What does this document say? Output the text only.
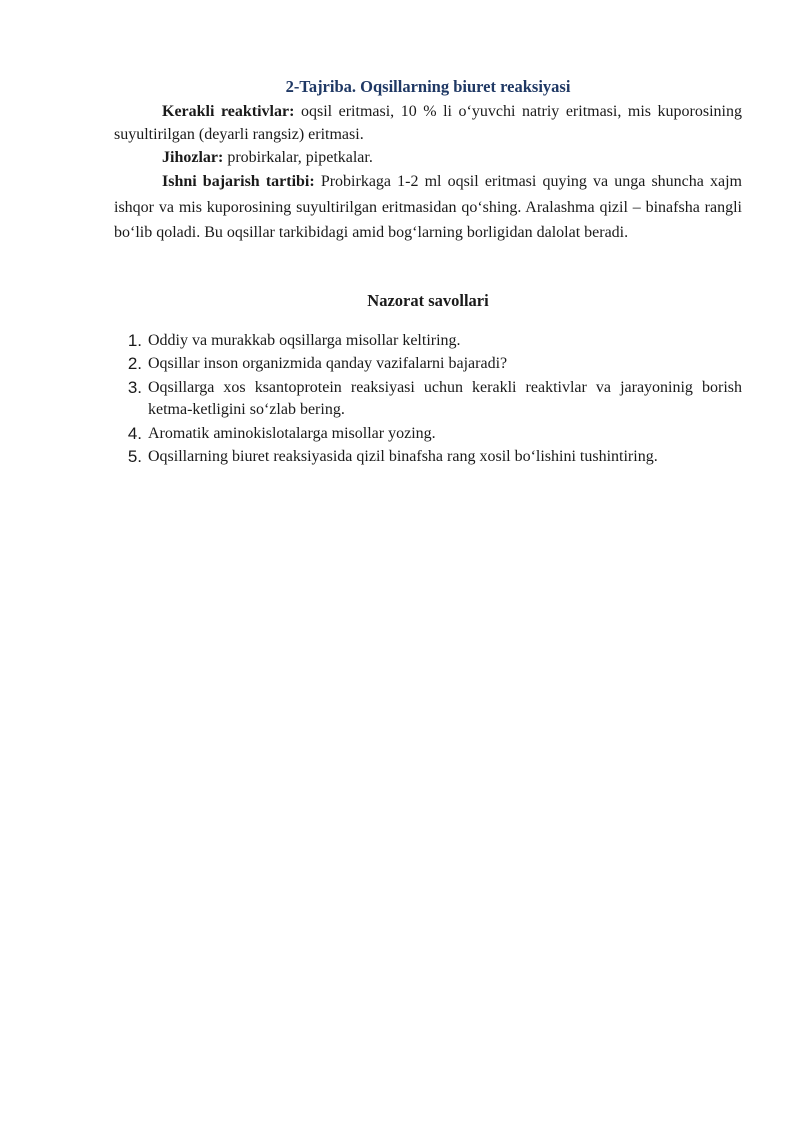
2-Tajriba. Oqsillarning biuret reaksiyasi

Kerakli reaktivlar: oqsil eritmasi, 10 % li o‘yuvchi natriy eritmasi, mis kuporosining suyultirilgan (deyarli rangsiz) eritmasi.

Jihozlar: probirkalar, pipetkalar.

Ishni bajarish tartibi: Probirkaga 1-2 ml oqsil eritmasi quying va unga shuncha xajm ishqor va mis kuporosining suyultirilgan eritmasidan qo‘shing. Aralashma qizil – binafsha rangli bo‘lib qoladi. Bu oqsillar tarkibidagi amid bog‘larning borligidan dalolat beradi.

Nazorat savollari
1. Oddiy va murakkab oqsillarga misollar keltiring.
2. Oqsillar inson organizmida qanday vazifalarni bajaradi?
3. Oqsillarga xos ksantoprotein reaksiyasi uchun kerakli reaktivlar va jarayoninig borish ketma-ketligini so‘zlab bering.
4. Aromatik aminokislotalarga misollar yozing.
5. Oqsillarning biuret reaksiyasida qizil binafsha rang xosil bo‘lishini tushintiring.
